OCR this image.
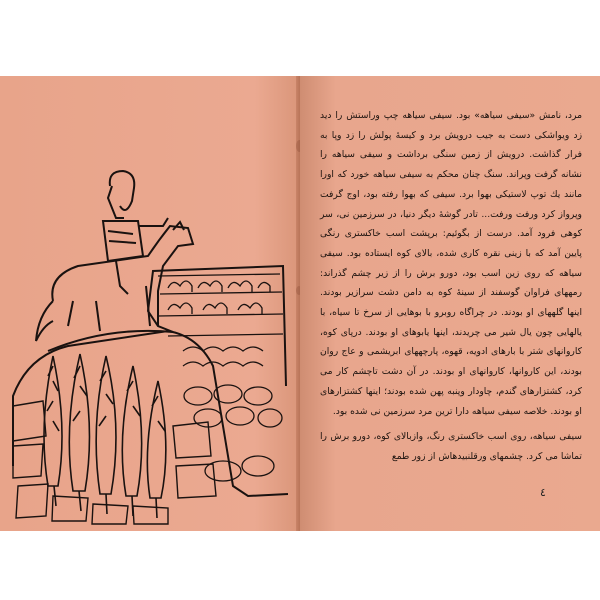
مرد، نامش «سیفی سیاهه» بود. سیفی سیاهه چپ وراستش را دید زد ویواشکی دست به جیب درویش برد و کیسهٔ پولش را زد وپا به فرار گذاشت. درویش از زمین سنگی برداشت و سیفی سیاهه را نشانه گرفت وپراند. سنگ چنان محکم به سیفی سیاهه خورد که اورا مانند یك توپ لاستیکی بهوا برد. سیفی که بهوا رفته بود، اوج گرفت وپرواز کرد ورفت ورفت... تادر گوشهٔ دیگر دنیا، در سرزمین نی، سر کوهی فرود آمد. درست از بگوئیم: برپشت اسب خاکستری رنگی پایین آمد که با زینی نقره کاری شده، بالای کوه ایستاده بود. سیفی سیاهه که روی زین اسب بود، دورو برش را از زیر چشم گذراند: رمههای فراوان گوسفند از سینهٔ کوه به دامن دشت سرازیر بودند. اینها گلههای او بودند. در چراگاه روبرو با بوهایی از سرخ تا سیاه، با یالهایی چون یال شیر می چریدند، اینها یابوهای او بودند. درپای کوه، کاروانهای شتر با بارهای ادویه، قهوه، پارچههای ابریشمی و عاج روان بودند، این کاروانها، کاروانهای او بودند. در آن دشت تاچشم کار می کرد، کشتزارهای گندم، چاودار وپنبه پهن شده بودند؛ اینها کشتزارهای او بودند. خلاصه سیفی سیاهه دارا ترین مرد سرزمین نی شده بود.

سیفی سیاهه، روی اسب خاکستری رنگ، وازبالای کوه، دورو برش را تماشا می کرد. چشمهای ورقلنبیدهاش از زور طمع

٤
